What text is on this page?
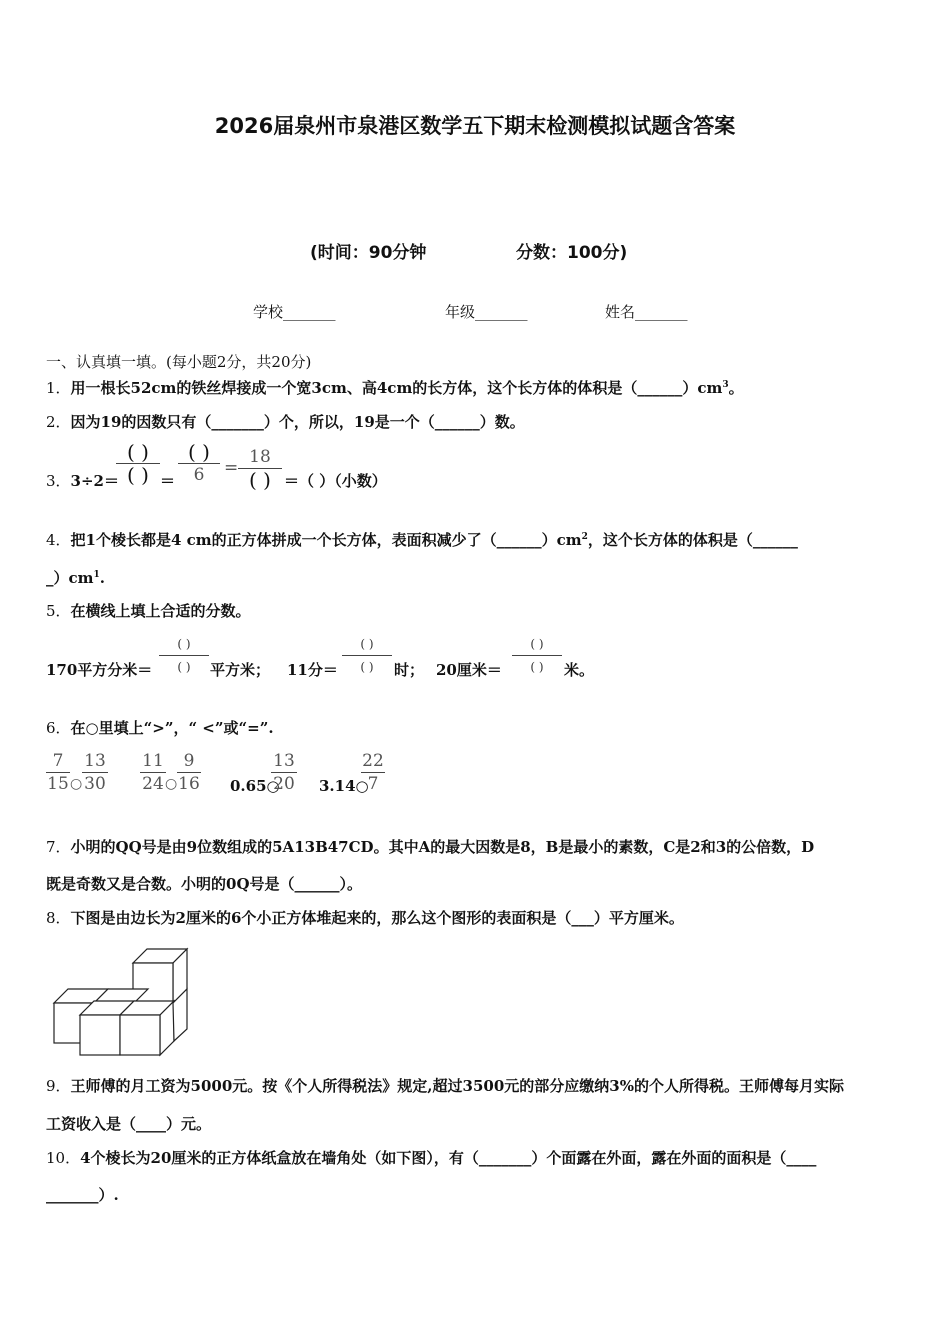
2026届泉州市泉港区数学五下期末检测模拟试题含答案
(时间：90分钟	分数：100分)
学校_______	年级_______	姓名_______
一、认真填一填。(每小题2分，共20分)
1．用一根长52cm的铁丝焊接成一个宽3cm、高4cm的长方体，这个长方体的体积是$(\_\_\_\_\_\_)cm^3$。
2．因为19的因数只有（_______）个，所以，19是一个（______）数。
3．3÷2＝
( )
( ) ＝
( )
6	=
18
( ) ＝（ ）（小数）
4．把1个棱长都是4 cm的正方体拼成一个长方体，表面积减少了$(\_\_\_\_\_\_)cm^2$，这个长方体的体积是（______
$\_)cm^1$.
5．在横线上填上合适的分数。
170平方分米＝
( )
( )	平方米； 11分＝
( )
( )	时； 20厘米＝
( )
( )	米。
6．在○里填上“>”，“ <”或“=”.
7
15 ○
13
30
11
24 ○
9
16 0.65○
13
20 3.14○
22
7
7．小明的QQ号是由9位数组成的5A13B47CD。其中A的最大因数是8，B是最小的素数，C是2和3的公倍数，D
既是奇数又是合数。小明的0Q号是（______）。
8．下图是由边长为2厘米的6个小正方体堆起来的，那么这个图形的表面积是（___）平方厘米。
9．王师傅的月工资为5000元。按《个人所得税法》规定,超过3500元的部分应缴纳3%的个人所得税。王师傅每月实际
工资收入是（____）元。
10．4个棱长为20厘米的正方体纸盒放在墙角处（如下图），有（_______）个面露在外面，露在外面的面积是（____
_______）.
